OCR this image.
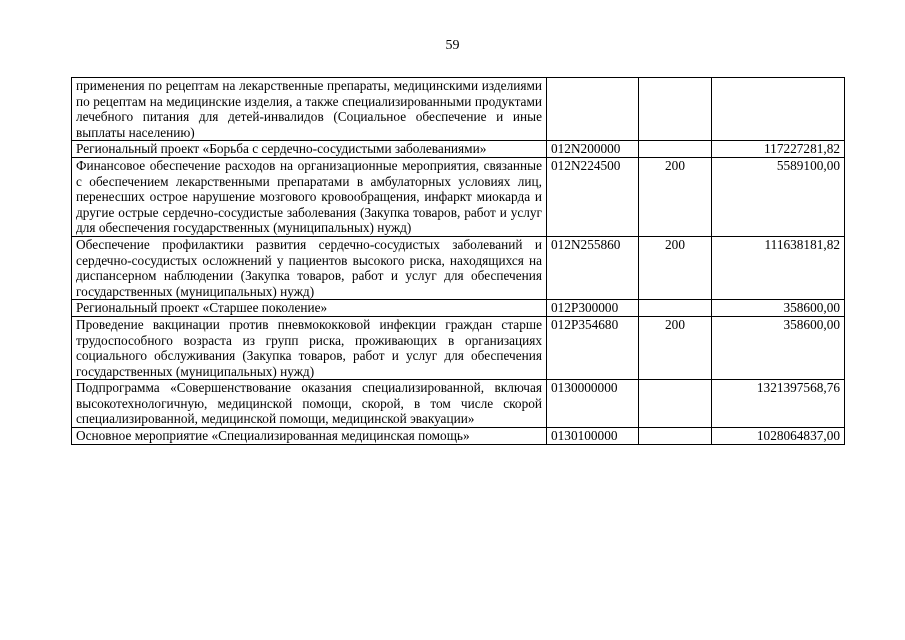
59
применения по рецептам на лекарственные препараты, медицинскими изделиями по рецептам на медицинские изделия, а также специализированными продуктами лечебного питания для детей-инвалидов (Социальное обеспечение и иные выплаты населению)			
Региональный проект «Борьба с сердечно-сосудистыми заболеваниями»	012N200000		117227281,82
Финансовое обеспечение расходов на организационные мероприятия, связанные с обеспечением лекарственными препаратами в амбулаторных условиях лиц, перенесших острое нарушение мозгового кровообращения, инфаркт миокарда и другие острые сердечно-сосудистые заболевания (Закупка товаров, работ и услуг для обеспечения государственных (муниципальных) нужд)	012N224500	200	5589100,00
Обеспечение профилактики развития сердечно-сосудистых заболеваний и сердечно-сосудистых осложнений у пациентов высокого риска, находящихся на диспансерном наблюдении (Закупка товаров, работ и услуг для обеспечения государственных (муниципальных) нужд)	012N255860	200	111638181,82
Региональный проект «Старшее поколение»	012P300000		358600,00
Проведение вакцинации против пневмококковой инфекции граждан старше трудоспособного возраста из групп риска, проживающих в организациях социального обслуживания (Закупка товаров, работ и услуг для обеспечения государственных (муниципальных) нужд)	012P354680	200	358600,00
Подпрограмма «Совершенствование оказания специализированной, включая высокотехнологичную, медицинской помощи, скорой, в том числе скорой специализированной, медицинской помощи, медицинской эвакуации»	0130000000		1321397568,76
Основное мероприятие «Специализированная медицинская помощь»	0130100000		1028064837,00
